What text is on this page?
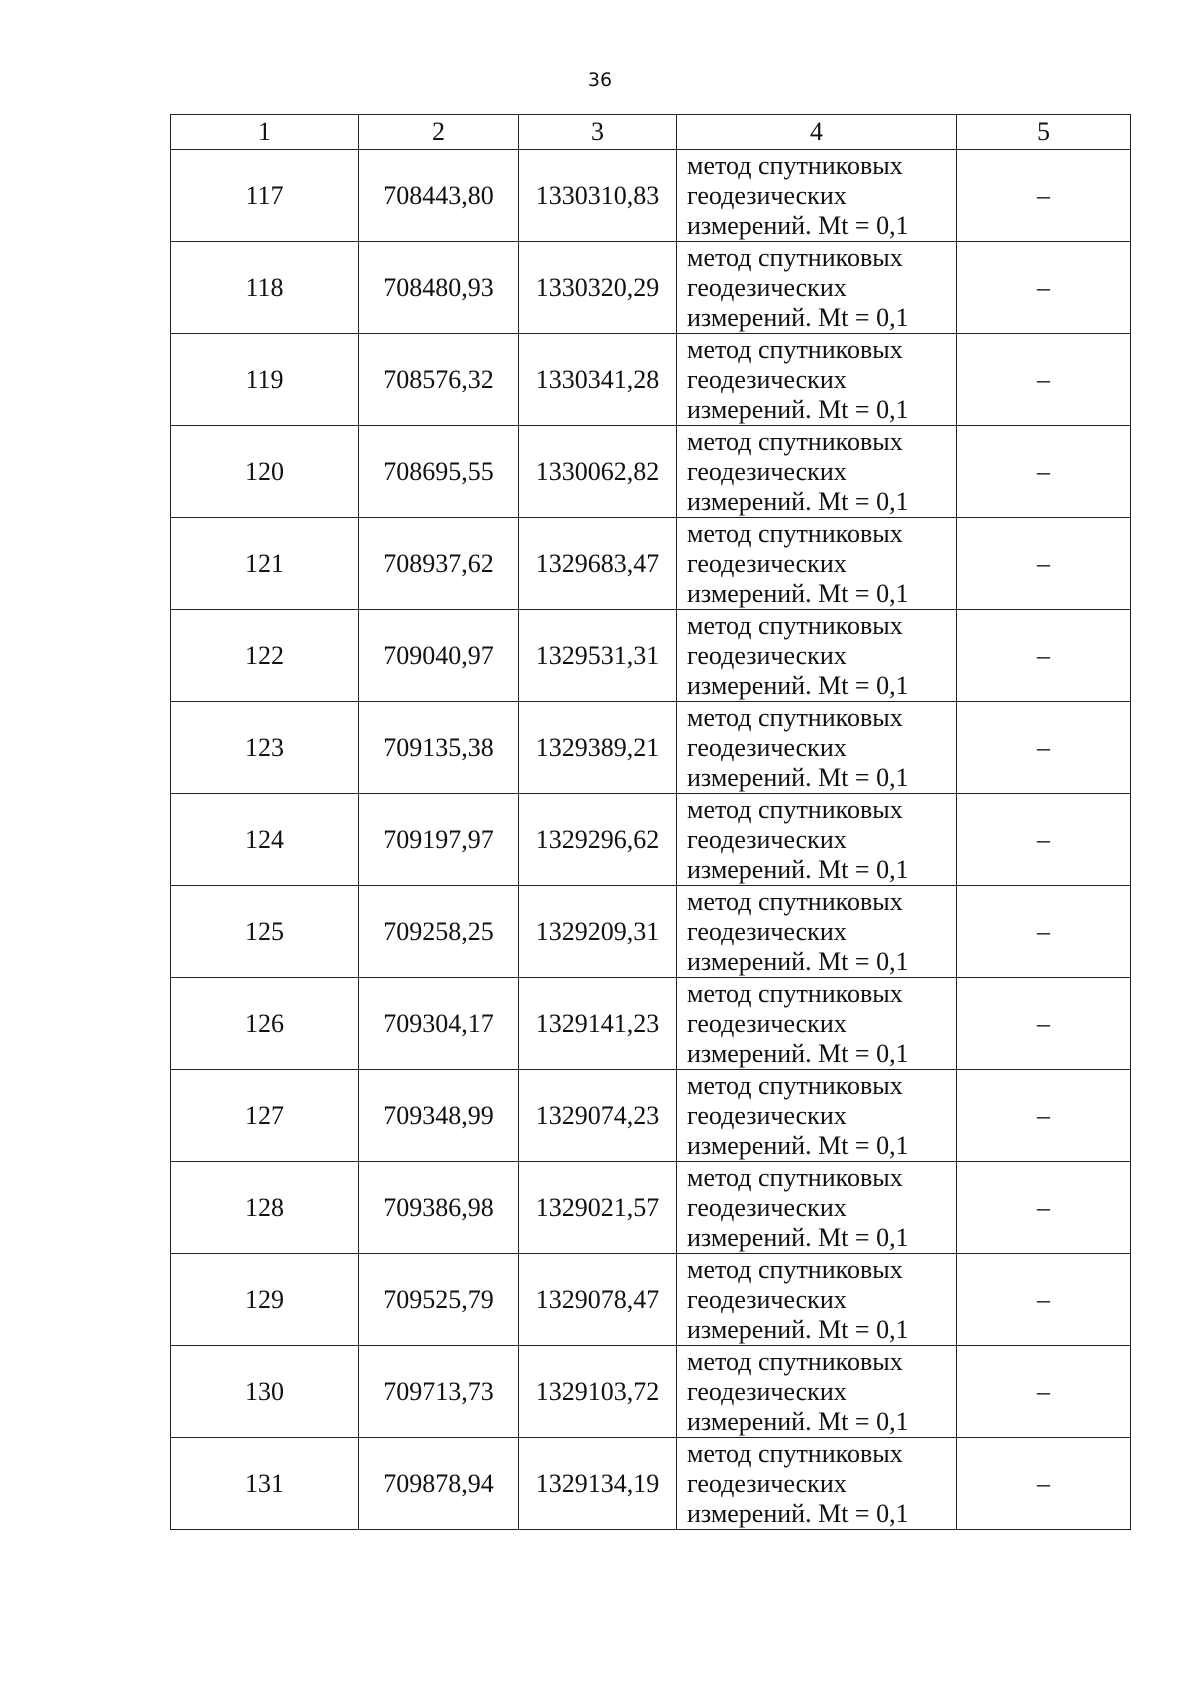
36
1	2	3	4	5
117	708443,80	1330310,83	метод спутниковых
геодезических
измерений. Mt = 0,1	–
118	708480,93	1330320,29	метод спутниковых
геодезических
измерений. Mt = 0,1	–
119	708576,32	1330341,28	метод спутниковых
геодезических
измерений. Mt = 0,1	–
120	708695,55	1330062,82	метод спутниковых
геодезических
измерений. Mt = 0,1	–
121	708937,62	1329683,47	метод спутниковых
геодезических
измерений. Mt = 0,1	–
122	709040,97	1329531,31	метод спутниковых
геодезических
измерений. Mt = 0,1	–
123	709135,38	1329389,21	метод спутниковых
геодезических
измерений. Mt = 0,1	–
124	709197,97	1329296,62	метод спутниковых
геодезических
измерений. Mt = 0,1	–
125	709258,25	1329209,31	метод спутниковых
геодезических
измерений. Mt = 0,1	–
126	709304,17	1329141,23	метод спутниковых
геодезических
измерений. Mt = 0,1	–
127	709348,99	1329074,23	метод спутниковых
геодезических
измерений. Mt = 0,1	–
128	709386,98	1329021,57	метод спутниковых
геодезических
измерений. Mt = 0,1	–
129	709525,79	1329078,47	метод спутниковых
геодезических
измерений. Mt = 0,1	–
130	709713,73	1329103,72	метод спутниковых
геодезических
измерений. Mt = 0,1	–
131	709878,94	1329134,19	метод спутниковых
геодезических
измерений. Mt = 0,1	–
